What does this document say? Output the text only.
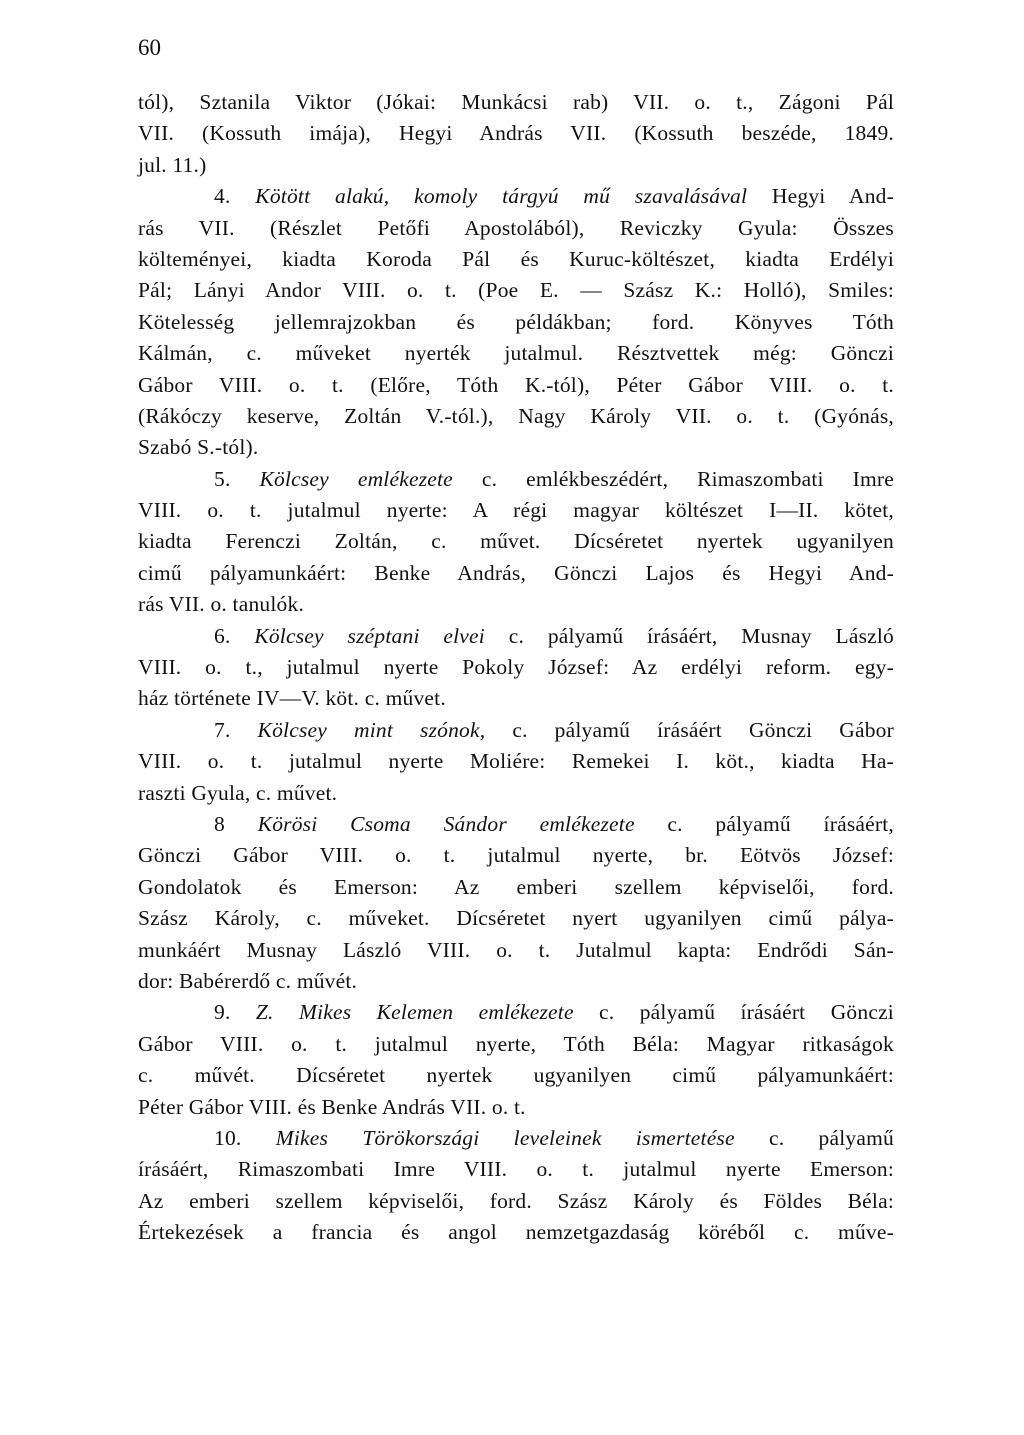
60
tól), Sztanila Viktor (Jókai: Munkácsi rab) VII. o. t., Zágoni Pál
VII. (Kossuth imája), Hegyi András VII. (Kossuth beszéde, 1849.
jul. 11.)
4. Kötött alakú, komoly tárgyú mű szavalásával Hegyi And-
rás VII. (Részlet Petőfi Apostolából), Reviczky Gyula: Összes
költeményei, kiadta Koroda Pál és Kuruc-költészet, kiadta Erdélyi
Pál; Lányi Andor VIII. o. t. (Poe E. — Szász K.: Holló), Smiles:
Kötelesség jellemrajzokban és példákban; ford. Könyves Tóth
Kálmán, c. műveket nyerték jutalmul. Résztvettek még: Gönczi
Gábor VIII. o. t. (Előre, Tóth K.-tól), Péter Gábor VIII. o. t.
(Rákóczy keserve, Zoltán V.-tól.), Nagy Károly VII. o. t. (Gyónás,
Szabó S.-tól).
5. Kölcsey emlékezete c. emlékbeszédért, Rimaszombati Imre
VIII. o. t. jutalmul nyerte: A régi magyar költészet I—II. kötet,
kiadta Ferenczi Zoltán, c. művet. Dícséretet nyertek ugyanilyen
cimű pályamunkáért: Benke András, Gönczi Lajos és Hegyi And-
rás VII. o. tanulók.
6. Kölcsey széptani elvei c. pályamű írásáért, Musnay László
VIII. o. t., jutalmul nyerte Pokoly József: Az erdélyi reform. egy-
ház története IV—V. köt. c. művet.
7. Kölcsey mint szónok, c. pályamű írásáért Gönczi Gábor
VIII. o. t. jutalmul nyerte Moliére: Remekei I. köt., kiadta Ha-
raszti Gyula, c. művet.
8 Körösi Csoma Sándor emlékezete c. pályamű írásáért,
Gönczi Gábor VIII. o. t. jutalmul nyerte, br. Eötvös József:
Gondolatok és Emerson: Az emberi szellem képviselői, ford.
Szász Károly, c. műveket. Dícséretet nyert ugyanilyen cimű pálya-
munkáért Musnay László VIII. o. t. Jutalmul kapta: Endrődi Sán-
dor: Babérerdő c. művét.
9. Z. Mikes Kelemen emlékezete c. pályamű írásáért Gönczi
Gábor VIII. o. t. jutalmul nyerte, Tóth Béla: Magyar ritkaságok
c. művét. Dícséretet nyertek ugyanilyen cimű pályamunkáért:
Péter Gábor VIII. és Benke András VII. o. t.
10. Mikes Törökországi leveleinek ismertetése c. pályamű
írásáért, Rimaszombati Imre VIII. o. t. jutalmul nyerte Emerson:
Az emberi szellem képviselői, ford. Szász Károly és Földes Béla:
Értekezések a francia és angol nemzetgazdaság köréből c. műve-
